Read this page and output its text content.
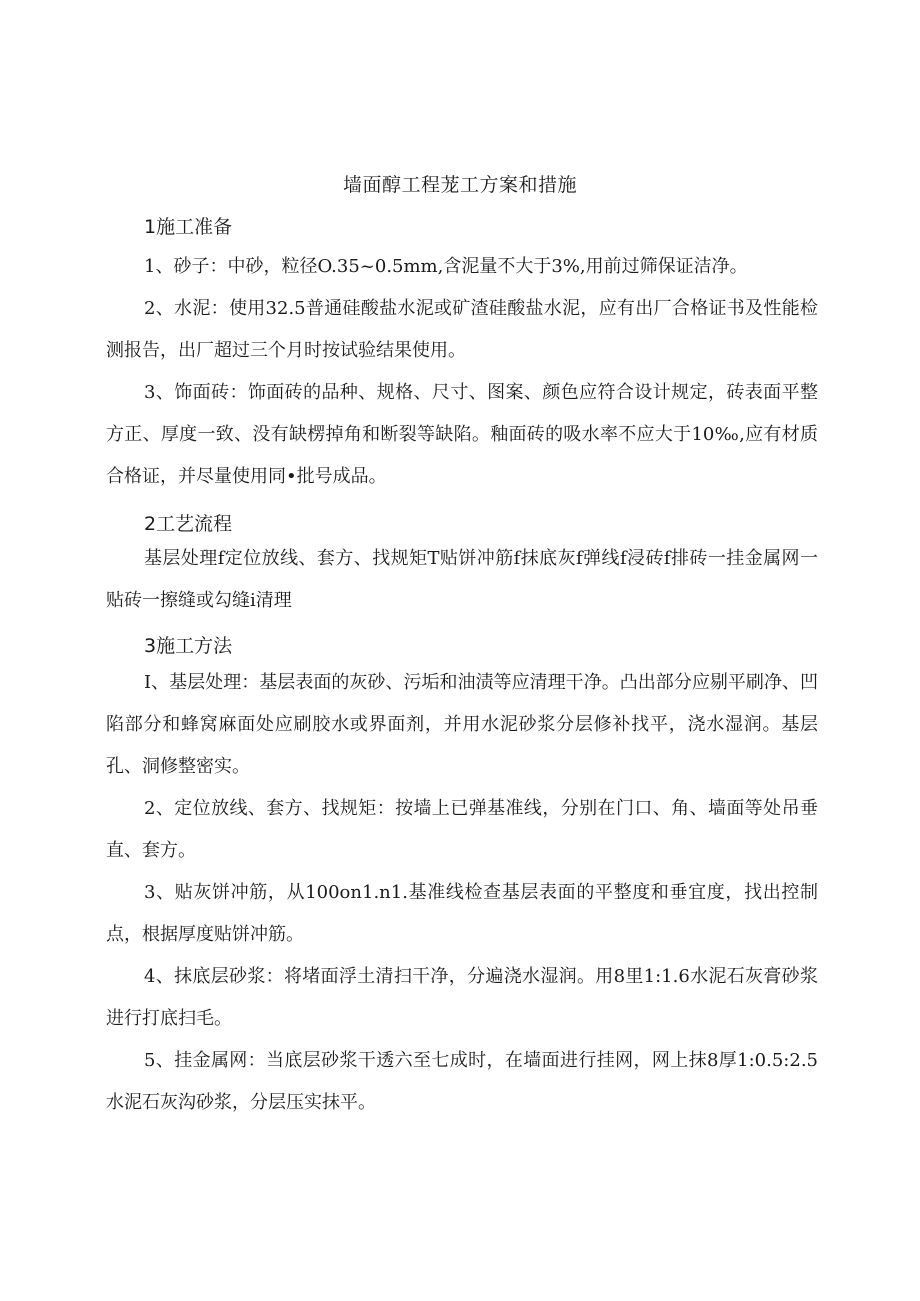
墙面醇工程茏工方案和措施
1施工准备

1、砂子：中砂，粒径O.35~0.5mm,含泥量不大于3%,用前过筛保证洁净。

2、水泥：使用32.5普通硅酸盐水泥或矿渣硅酸盐水泥，应有出厂合格证书及性能检测报告，出厂超过三个月时按试验结果使用。

3、饰面砖：饰面砖的品种、规格、尺寸、图案、颜色应符合设计规定，砖表面平整方正、厚度一致、没有缺楞掉角和断裂等缺陷。釉面砖的吸水率不应大于10‰,应有材质合格证，并尽量使用同•批号成品。

2工艺流程

基层处理f定位放线、套方、找规矩T贴饼冲筋f抹底灰f弹线f浸砖f排砖一挂金属网一贴砖一擦缝或勾缝i清理

3施工方法

I、基层处理：基层表面的灰砂、污垢和油渍等应清理干净。凸出部分应剔平刷净、凹陷部分和蜂窝麻面处应刷胶水或界面剂，并用水泥砂浆分层修补找平，浇水湿润。基层孔、洞修整密实。

2、定位放线、套方、找规矩：按墙上已弹基准线，分别在门口、角、墙面等处吊垂直、套方。

3、贴灰饼冲筋，从100on1.n1.基准线检查基层表面的平整度和垂宜度，找出控制点，根据厚度贴饼冲筋。

4、抹底层砂浆：将堵面浮土清扫干净，分遍浇水湿润。用8里1:1.6水泥石灰膏砂浆进行打底扫毛。

5、挂金属网：当底层砂浆干透六至七成时，在墙面进行挂网，网上抹8厚1:0.5:2.5水泥石灰沟砂浆，分层压实抹平。
